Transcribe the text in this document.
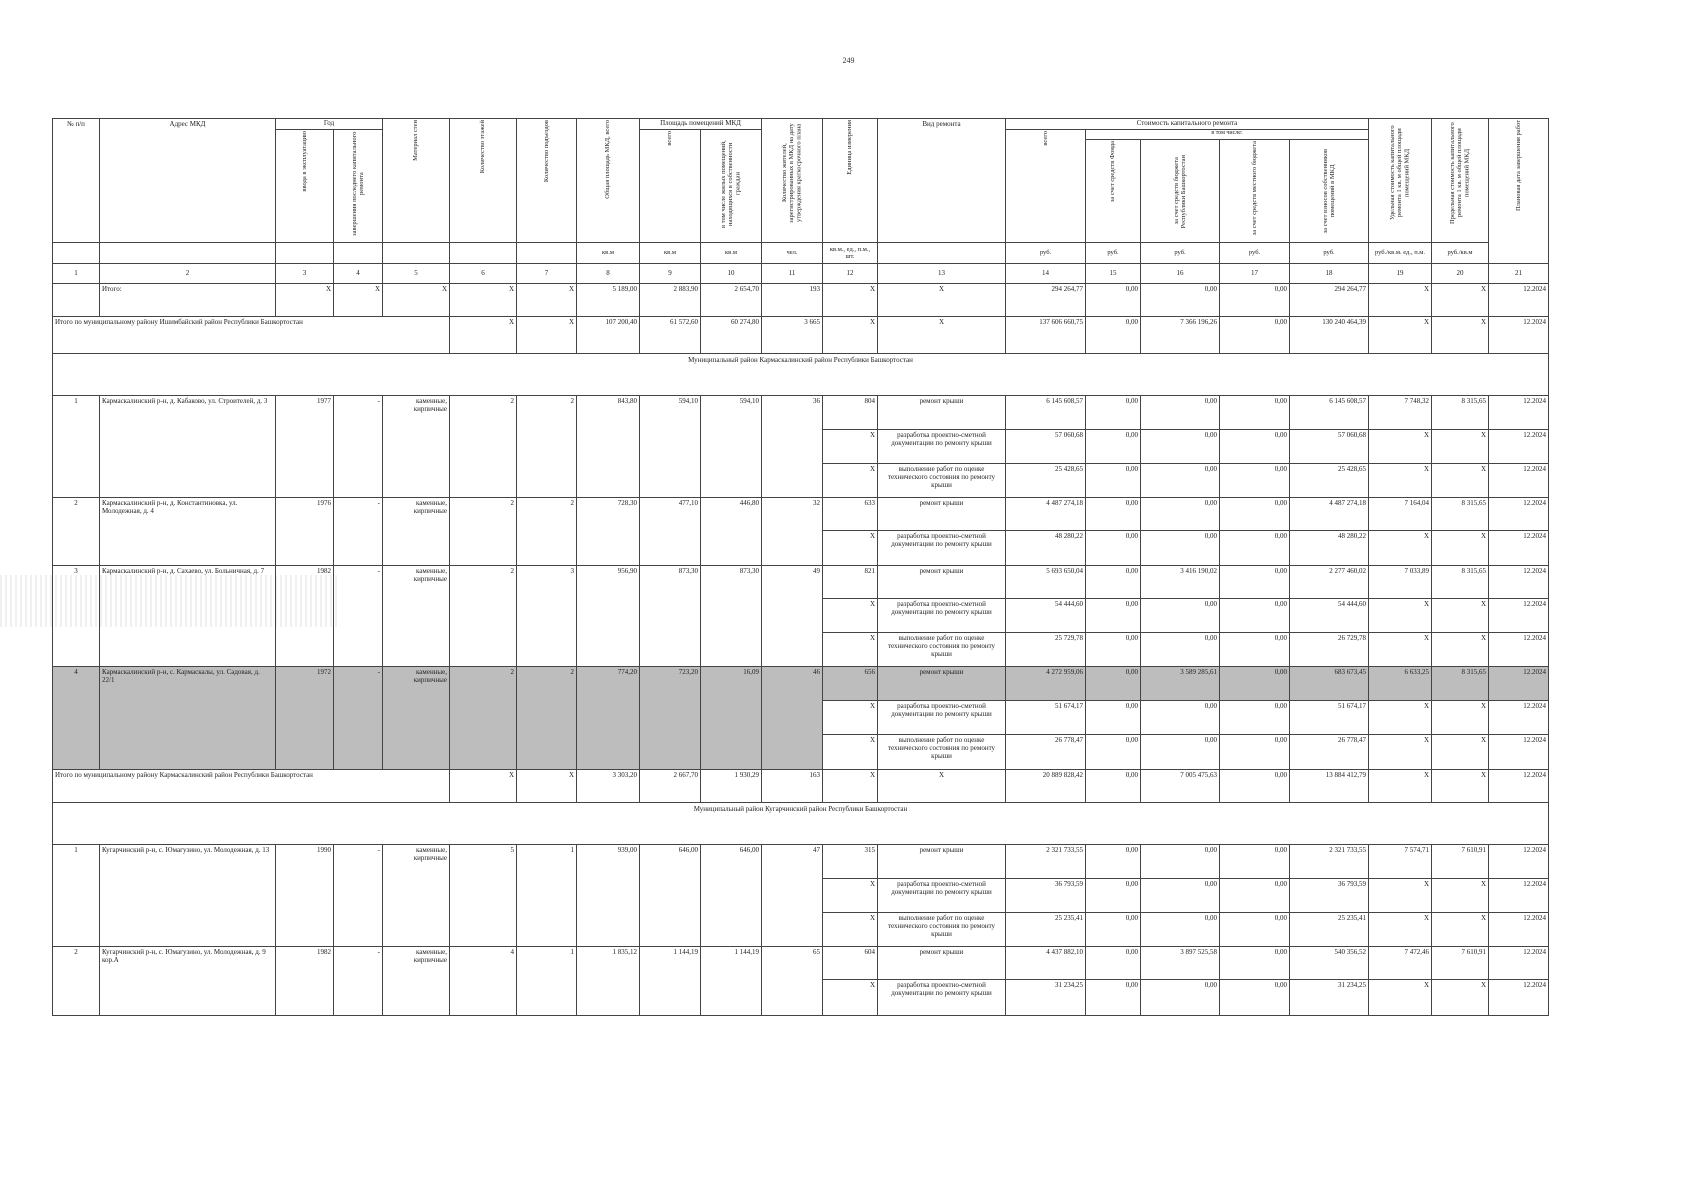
249
№ п/п	Адрес МКД	Год		Материал стен	Количество этажей	Количество подъездов	Общая площадь МКД, всего	Площадь помещений МКД		Количество жителей, зарегистрированных в МКД на дату утверждения краткосрочного плана	Единица измерения	Вид ремонта	Стоимость капитального ремонта					Удельная стоимость капитального ремонта 1 кв. м общей площади помещений МКД	Предельная стоимость капитального ремонта 1 кв. м общей площади помещений МКД	Плановая дата завершения работ
		ввода в эксплуатацию	завершения последнего капитального ремонта					всего	в том числе жилых помещений, находящихся в собственности граждан				всего	в том числе:						
														за счет средств Фонда	за счет средств бюджета Республики Башкортостан	за счет средств местного бюджета	за счет взносов собственников помещений в МКД			
							кв.м	кв.м	кв.м	чел.	кв.м., ед., п.м., шт.		руб.	руб.	руб.	руб.	руб.	руб./кв.м. ед., п.м.	руб./кв.м	
1	2	3	4	5	6	7	8	9	10	11	12	13	14	15	16	17	18	19	20	21
	Итого:	X	X	X	X	X	5 189,00	2 883,90	2 654,70	193	X	X	294 264,77	0,00	0,00	0,00	294 264,77	X	X	12.2024
Итого по муниципальному району Ишимбайский район Республики Башкортостан					X	X	107 200,40	61 572,60	60 274,80	3 665	X	X	137 606 660,75	0,00	7 366 196,26	0,00	130 240 464,39	X	X	12.2024
Муниципальный район Кармаскалинский район Республики Башкортостан																				
1	Кармаскалинский р-н, д. Кабаково, ул. Строителей, д. 3	1977	-	каменные, кирпичные	2	2	843,80	594,10	594,10	36	804	ремонт крыши	6 145 608,57	0,00	0,00	0,00	6 145 608,57	7 748,32	8 315,65	12.2024
											X	разработка проектно-сметной документации по ремонту крыши	57 060,68	0,00	0,00	0,00	57 060,68	X	X	12.2024
											X	выполнение работ по оценке технического состояния по ремонту крыши	25 428,65	0,00	0,00	0,00	25 428,65	X	X	12.2024
2	Кармаскалинский р-н, д. Константиновка, ул. Молодежная, д. 4	1976	-	каменные, кирпичные	2	2	728,30	477,10	446,80	32	633	ремонт крыши	4 487 274,18	0,00	0,00	0,00	4 487 274,18	7 164,04	8 315,65	12.2024
											X	разработка проектно-сметной документации по ремонту крыши	48 280,22	0,00	0,00	0,00	48 280,22	X	X	12.2024
3	Кармаскалинский р-н, д. Сахаево, ул. Больничная, д. 7	1982	-	каменные, кирпичные	2	3	956,90	873,30	873,30	49	821	ремонт крыши	5 693 650,04	0,00	3 416 190,02	0,00	2 277 460,02	7 033,89	8 315,65	12.2024
											X	разработка проектно-сметной документации по ремонту крыши	54 444,60	0,00	0,00	0,00	54 444,60	X	X	12.2024
											X	выполнение работ по оценке технического состояния по ремонту крыши	25 729,78	0,00	0,00	0,00	26 729,78	X	X	12.2024
4	Кармаскалинский р-н, с. Кармаскалы, ул. Садовая, д. 22/1	1972	-	каменные, кирпичные	2	2	774,20	723,20	16,09	46	656	ремонт крыши	4 272 959,06	0,00	3 589 285,61	0,00	683 673,45	6 633,25	8 315,65	12.2024
											X	разработка проектно-сметной документации по ремонту крыши	51 674,17	0,00	0,00	0,00	51 674,17	X	X	12.2024
											X	выполнение работ по оценке технического состояния по ремонту крыши	26 778,47	0,00	0,00	0,00	26 778,47	X	X	12.2024
Итого по муниципальному району Кармаскалинский район Республики Башкортостан					X	X	3 303,20	2 667,70	1 930,29	163	X	X	20 889 828,42	0,00	7 005 475,63	0,00	13 884 412,79	X	X	12.2024
Муниципальный район Кугарчинский район Республики Башкортостан																				
1	Кугарчинский р-н, с. Юмагузино, ул. Молодежная, д. 13	1990	-	каменные, кирпичные	5	1	939,00	646,00	646,00	47	315	ремонт крыши	2 321 733,55	0,00	0,00	0,00	2 321 733,55	7 574,71	7 610,91	12.2024
											X	разработка проектно-сметной документации по ремонту крыши	36 793,59	0,00	0,00	0,00	36 793,59	X	X	12.2024
											X	выполнение работ по оценке технического состояния по ремонту крыши	25 235,41	0,00	0,00	0,00	25 235,41	X	X	12.2024
2	Кугарчинский р-н, с. Юмагузино, ул. Молодежная, д. 9 кор.А	1982	-	каменные, кирпичные	4	1	1 835,12	1 144,19	1 144,19	65	604	ремонт крыши	4 437 882,10	0,00	3 897 525,58	0,00	540 356,52	7 472,46	7 610,91	12.2024
											X	разработка проектно-сметной документации по ремонту крыши	31 234,25	0,00	0,00	0,00	31 234,25	X	X	12.2024
